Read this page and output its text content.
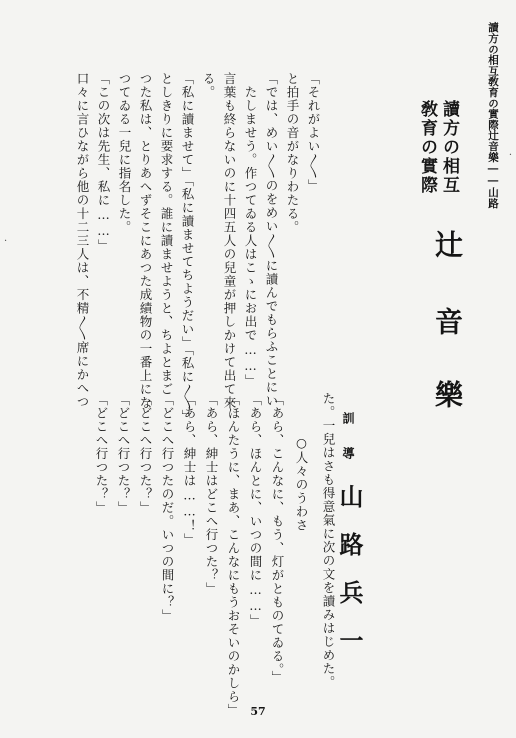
讀方の相互敎育の實際辻音樂――山路
讀方の相互
敎育の實際
辻
音
樂
訓
導
山路兵一
「それがよい〳〵」
と拍手の音がなりわたる。
「では、めい〳〵のをめい〳〵に讀んでもらふことにい
　たしませう。作つてゐる人はこゝにお出で……」
言葉も終らないのに十四五人の兒童が押しかけて出て來
る。
「私に讀ませて」「私に讀ませてちようだい」「私に〳〵」
としきりに要求する。誰に讀ませようと、ちよとまご
つた私は、とりあへずそこにあつた成績物の一番上にな
つてゐる一兒に指名した。
「この次は先生、私に……」
口々に言ひながら他の十二三人は、不精〳〵席にかへつ
た。一兒はさも得意氣に次の文を讀みはじめた。
○人々のうわさ
「あら、こんなに、もう、灯がとものてゐる。」
「あら、ほんとに、いつの間に……」
「ほんたうに、まあ、こんなにもうおそいのかしら」
「あら、紳士はどこへ行つた？」
「あら、紳士は……！」
「どこへ行つたのだ。いつの間に？」
「どこへ行つた？」
「どこへ行つた？」
「どこへ行つた？」
·
·
57
